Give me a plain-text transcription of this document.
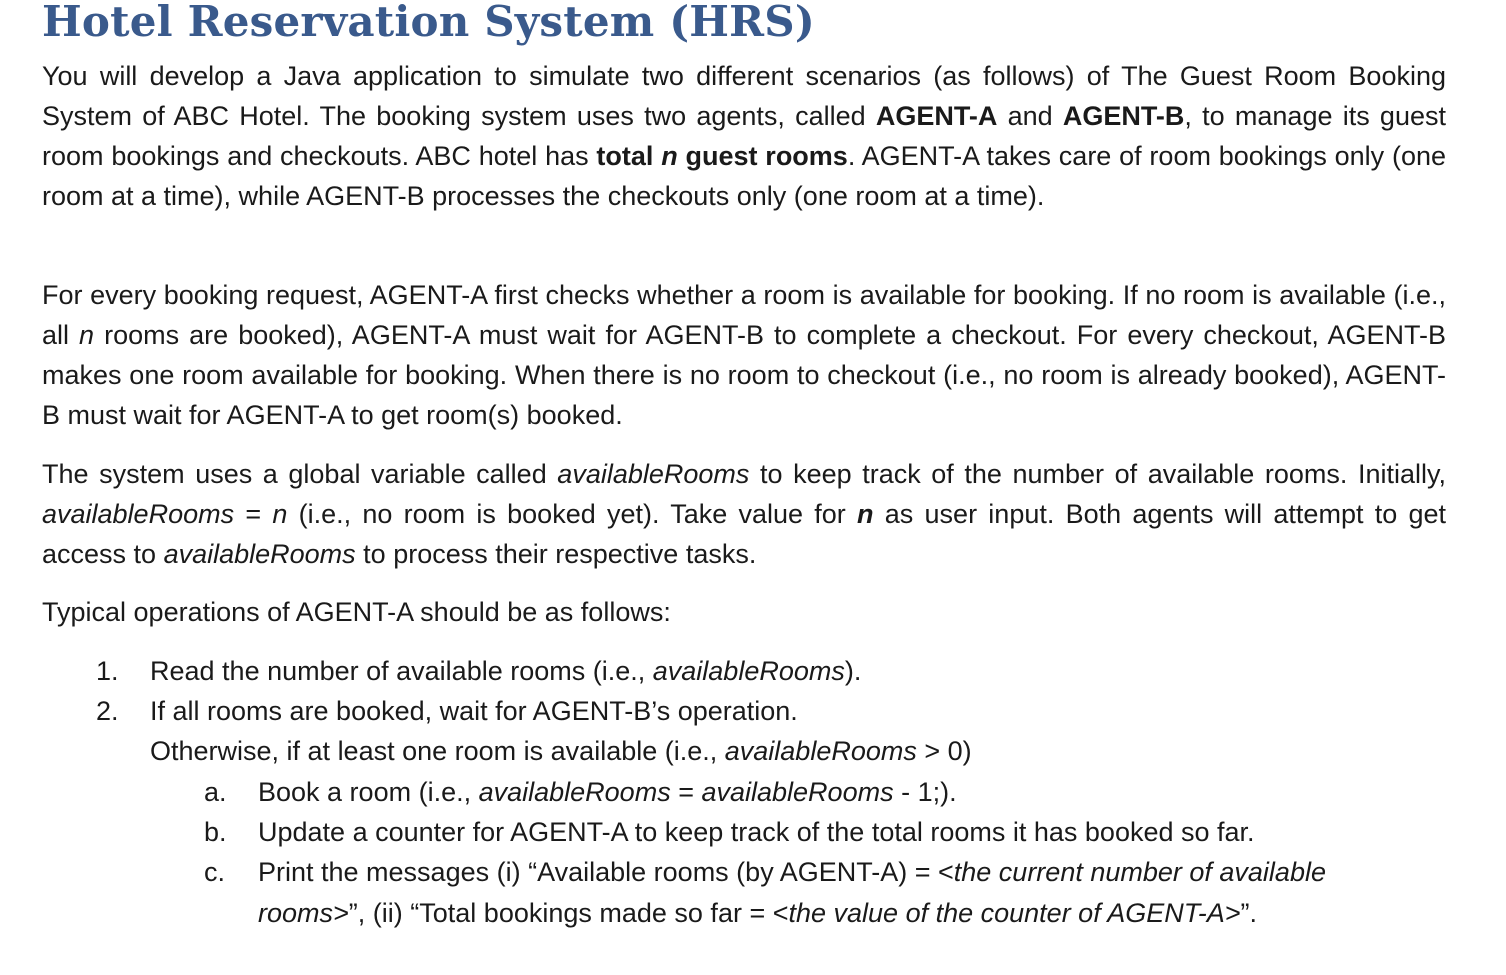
Hotel Reservation System (HRS)

You will develop a Java application to simulate two different scenarios (as follows) of The Guest Room Booking System of ABC Hotel. The booking system uses two agents, called AGENT-A and AGENT-B, to manage its guest room bookings and checkouts. ABC hotel has total n guest rooms. AGENT-A takes care of room bookings only (one room at a time), while AGENT-B processes the checkouts only (one room at a time).

For every booking request, AGENT-A first checks whether a room is available for booking. If no room is available (i.e., all n rooms are booked), AGENT-A must wait for AGENT-B to complete a checkout. For every checkout, AGENT-B makes one room available for booking. When there is no room to checkout (i.e., no room is already booked), AGENT-B must wait for AGENT-A to get room(s) booked.

The system uses a global variable called availableRooms to keep track of the number of available rooms. Initially, availableRooms = n (i.e., no room is booked yet). Take value for n as user input. Both agents will attempt to get access to availableRooms to process their respective tasks.

Typical operations of AGENT-A should be as follows:

1. Read the number of available rooms (i.e., availableRooms).
2. If all rooms are booked, wait for AGENT-B’s operation.
Otherwise, if at least one room is available (i.e., availableRooms > 0)
a. Book a room (i.e., availableRooms = availableRooms - 1;).
b. Update a counter for AGENT-A to keep track of the total rooms it has booked so far.
c. Print the messages (i) “Available rooms (by AGENT-A) = <the current number of available
rooms>”, (ii) “Total bookings made so far = <the value of the counter of AGENT-A>”.
